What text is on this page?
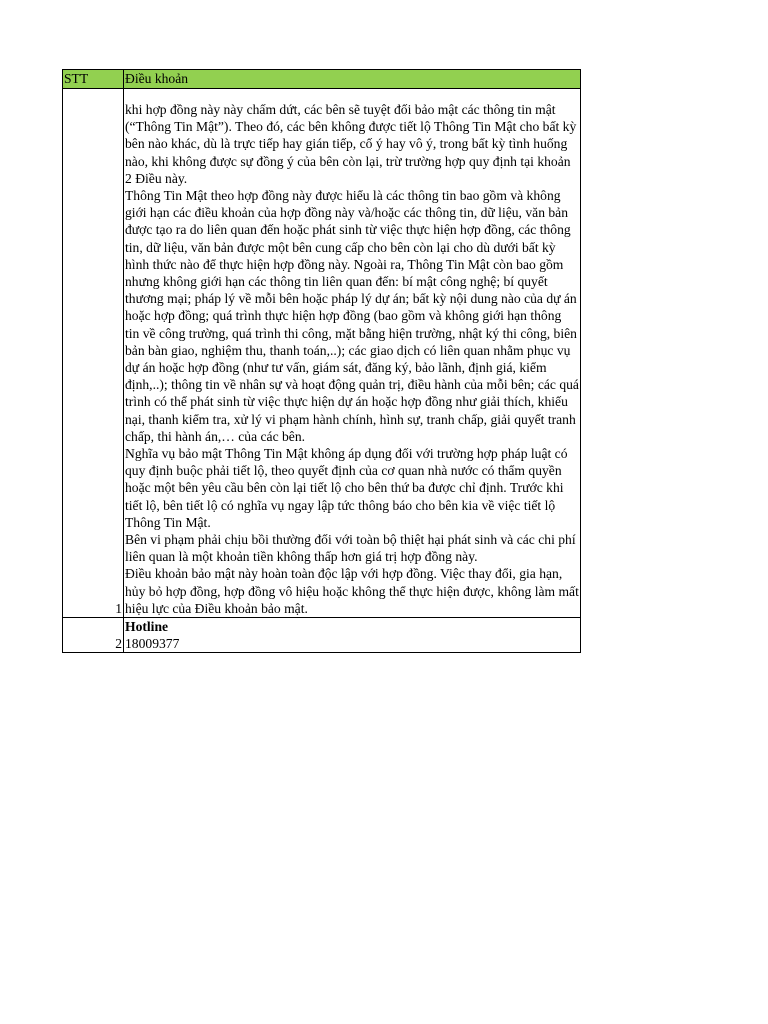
STT	Điều khoản
1	khi hợp đồng này này chấm dứt, các bên sẽ tuyệt đối bảo mật các thông tin mật (“Thông Tin Mật”). Theo đó, các bên không được tiết lộ Thông Tin Mật cho bất kỳ bên nào khác, dù là trực tiếp hay gián tiếp, cố ý hay vô ý, trong bất kỳ tình huống nào, khi không được sự đồng ý của bên còn lại, trừ trường hợp quy định tại khoản 2 Điều này.

Thông Tin Mật theo hợp đồng này được hiểu là các thông tin bao gồm và không giới hạn các điều khoản của hợp đồng này và/hoặc các thông tin, dữ liệu, văn bản được tạo ra do liên quan đến hoặc phát sinh từ việc thực hiện hợp đồng, các thông tin, dữ liệu, văn bản được một bên cung cấp cho bên còn lại cho dù dưới bất kỳ hình thức nào để thực hiện hợp đồng này. Ngoài ra, Thông Tin Mật còn bao gồm nhưng không giới hạn các thông tin liên quan đến: bí mật công nghệ; bí quyết thương mại; pháp lý về mỗi bên hoặc pháp lý dự án; bất kỳ nội dung nào của dự án hoặc hợp đồng; quá trình thực hiện hợp đồng (bao gồm và không giới hạn thông tin về công trường, quá trình thi công, mặt bằng hiện trường, nhật ký thi công, biên bản bàn giao, nghiệm thu, thanh toán,..); các giao dịch có liên quan nhằm phục vụ dự án hoặc hợp đồng (như tư vấn, giám sát, đăng ký, bảo lãnh, định giá, kiểm định,..); thông tin về nhân sự và hoạt động quản trị, điều hành của mỗi bên; các quá trình có thể phát sinh từ việc thực hiện dự án hoặc hợp đồng như giải thích, khiếu nại, thanh kiểm tra, xử lý vi phạm hành chính, hình sự, tranh chấp, giải quyết tranh chấp, thi hành án,… của các bên.

Nghĩa vụ bảo mật Thông Tin Mật không áp dụng đối với trường hợp pháp luật có quy định buộc phải tiết lộ, theo quyết định của cơ quan nhà nước có thẩm quyền hoặc một bên yêu cầu bên còn lại tiết lộ cho bên thứ ba được chỉ định. Trước khi tiết lộ, bên tiết lộ có nghĩa vụ ngay lập tức thông báo cho bên kia về việc tiết lộ Thông Tin Mật.

Bên vi phạm phải chịu bồi thường đối với toàn bộ thiệt hại phát sinh và các chi phí liên quan là một khoản tiền không thấp hơn giá trị hợp đồng này.

Điều khoản bảo mật này hoàn toàn độc lập với hợp đồng. Việc thay đổi, gia hạn, hủy bỏ hợp đồng, hợp đồng vô hiệu hoặc không thể thực hiện được, không làm mất hiệu lực của Điều khoản bảo mật.

2	Hotline
18009377
